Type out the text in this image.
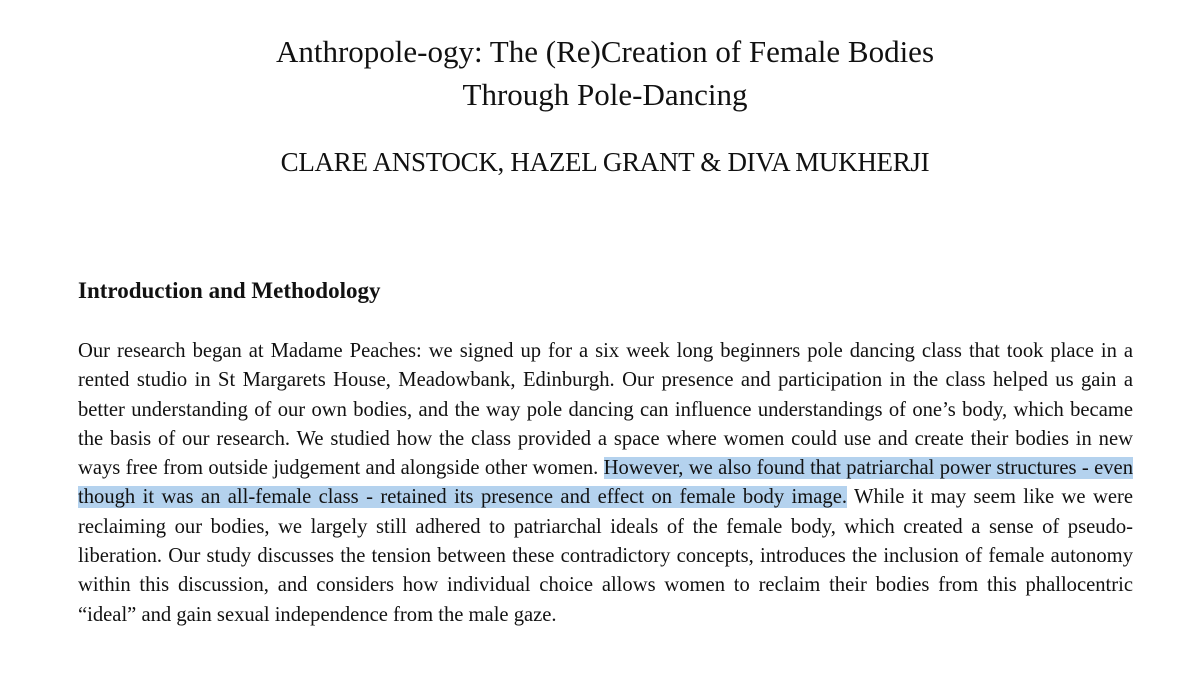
Anthropole-ogy: The (Re)Creation of Female Bodies
Through Pole-Dancing
CLARE ANSTOCK, HAZEL GRANT & DIVA MUKHERJI
Introduction and Methodology

Our research began at Madame Peaches: we signed up for a six week long beginners pole dancing class that took place in a rented studio in St Margarets House, Meadowbank, Edinburgh. Our presence and participation in the class helped us gain a better understanding of our own bodies, and the way pole dancing can influence understandings of one’s body, which became the basis of our research. We studied how the class provided a space where women could use and create their bodies in new ways free from outside judgement and alongside other women. However, we also found that patriarchal power structures - even though it was an all-female class - retained its presence and effect on female body image. While it may seem like we were reclaiming our bodies, we largely still adhered to patriarchal ideals of the female body, which created a sense of pseudo-liberation. Our study discusses the tension between these contradictory concepts, introduces the inclusion of female autonomy within this discussion, and considers how individual choice allows women to reclaim their bodies from this phallocentric “ideal” and gain sexual independence from the male gaze.
